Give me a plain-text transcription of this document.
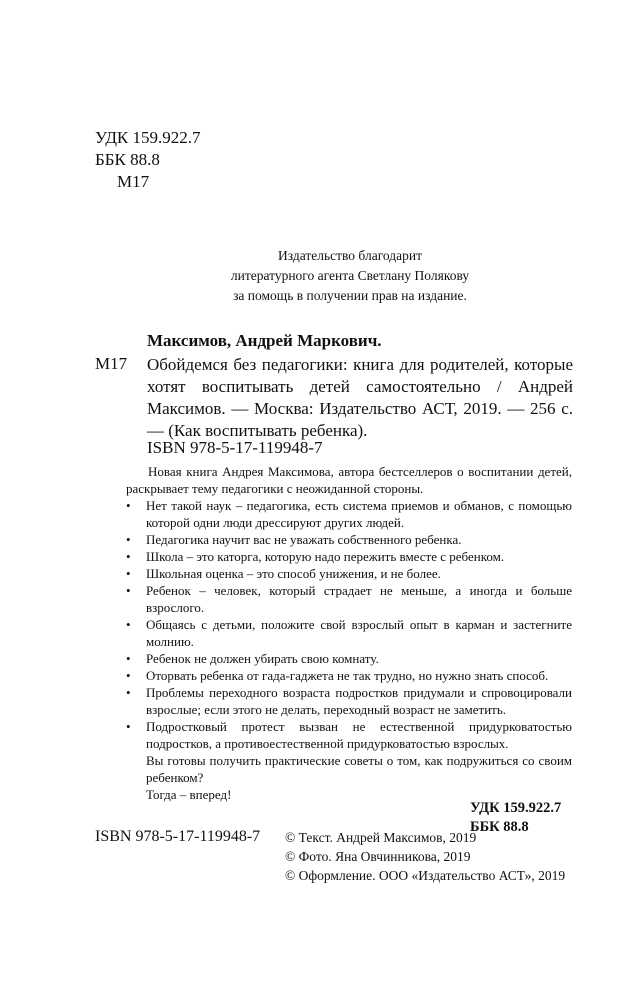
УДК 159.922.7
ББК 88.8
М17
Издательство благодарит
литературного агента Светлану Полякову
за помощь в получении прав на издание.
Максимов, Андрей Маркович.
М17 Обойдемся без педагогики: книга для родителей, которые хотят воспитывать детей самостоятельно / Андрей Максимов. — Москва: Издательство АСТ, 2019. — 256 с. — (Как воспитывать ребенка).
ISBN 978-5-17-119948-7

Новая книга Андрея Максимова, автора бестселлеров о воспитании детей, раскрывает тему педагогики с неожиданной стороны.

• Нет такой наук – педагогика, есть система приемов и обманов, с помощью которой одни люди дрессируют других людей.
• Педагогика научит вас не уважать собственного ребенка.
• Школа – это каторга, которую надо пережить вместе с ребенком.
• Школьная оценка – это способ унижения, и не более.
• Ребенок – человек, который страдает не меньше, а иногда и больше взрослого.
• Общаясь с детьми, положите свой взрослый опыт в карман и застегните молнию.
• Ребенок не должен убирать свою комнату.
• Оторвать ребенка от гада-гаджета не так трудно, но нужно знать способ.
• Проблемы переходного возраста подростков придумали и спровоцировали взрослые; если этого не делать, переходный возраст не заметить.
• Подростковый протест вызван не естественной придурковатостью подростков, а противоестественной придурковатостью взрослых.

Вы готовы получить практические советы о том, как подружиться со своим ребенком?

Тогда – вперед!

УДК 159.922.7
ББК 88.8
ISBN 978-5-17-119948-7 © Текст. Андрей Максимов, 2019
© Фото. Яна Овчинникова, 2019
© Оформление. ООО «Издательство АСТ», 2019
